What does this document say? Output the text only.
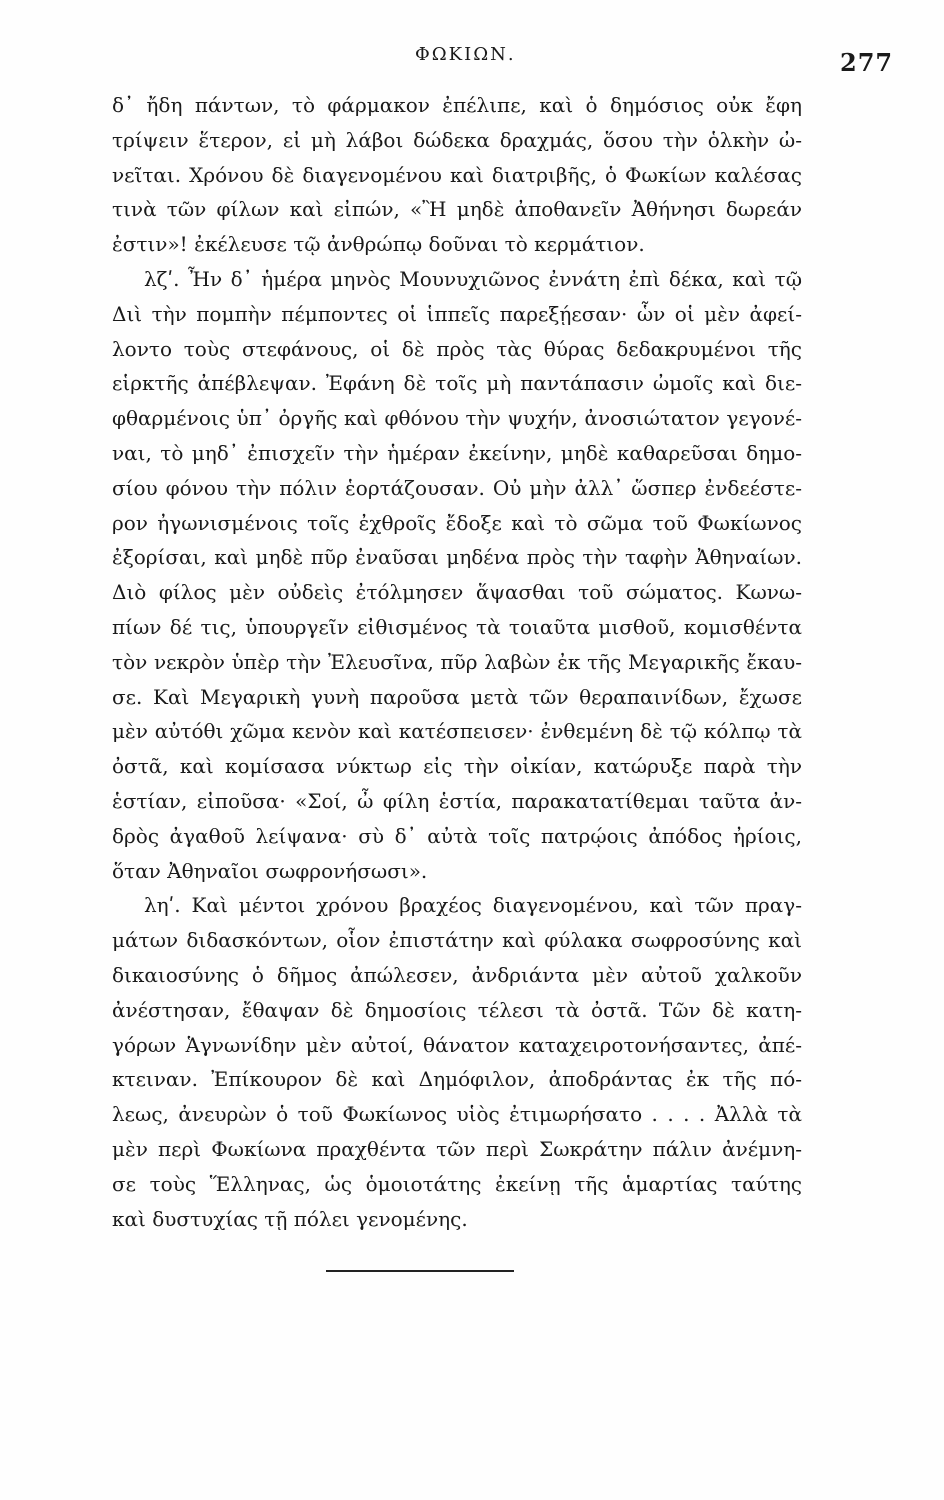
ΦΩΚΙΩΝ.	277
δ᾽ ἤδη πάντων, τὸ φάρμακον ἐπέλιπε, καὶ ὁ δημόσιος οὐκ ἔφη
τρίψειν ἕτερον, εἰ μὴ λάβοι δώδεκα δραχμάς, ὅσου τὴν ὁλκὴν ὠ-
νεῖται. Χρόνου δὲ διαγενομένου καὶ διατριβῆς, ὁ Φωκίων καλέσας
τινὰ τῶν φίλων καὶ εἰπών, «Ἢ μηδὲ ἀποθανεῖν Ἀθήνησι δωρεάν
ἐστιν»! ἐκέλευσε τῷ ἀνθρώπῳ δοῦναι τὸ κερμάτιον.
λζʹ. Ἦν δ᾽ ἡμέρα μηνὸς Μουνυχιῶνος ἐννάτη ἐπὶ δέκα, καὶ τῷ
Διὶ τὴν πομπὴν πέμποντες οἱ ἱππεῖς παρεξῄεσαν· ὧν οἱ μὲν ἀφεί-
λοντο τοὺς στεφάνους, οἱ δὲ πρὸς τὰς θύρας δεδακρυμένοι τῆς
εἱρκτῆς ἀπέβλεψαν. Ἐφάνη δὲ τοῖς μὴ παντάπασιν ὠμοῖς καὶ διε-
φθαρμένοις ὑπ᾽ ὀργῆς καὶ φθόνου τὴν ψυχήν, ἀνοσιώτατον γεγονέ-
ναι, τὸ μηδ᾽ ἐπισχεῖν τὴν ἡμέραν ἐκείνην, μηδὲ καθαρεῦσαι δημο-
σίου φόνου τὴν πόλιν ἑορτάζουσαν. Οὐ μὴν ἀλλ᾽ ὥσπερ ἐνδεέστε-
ρον ἠγωνισμένοις τοῖς ἐχθροῖς ἔδοξε καὶ τὸ σῶμα τοῦ Φωκίωνος
ἐξορίσαι, καὶ μηδὲ πῦρ ἐναῦσαι μηδένα πρὸς τὴν ταφὴν Ἀθηναίων.
Διὸ φίλος μὲν οὐδεὶς ἐτόλμησεν ἅψασθαι τοῦ σώματος. Κωνω-
πίων δέ τις, ὑπουργεῖν εἰθισμένος τὰ τοιαῦτα μισθοῦ, κομισθέντα
τὸν νεκρὸν ὑπὲρ τὴν Ἐλευσῖνα, πῦρ λαβὼν ἐκ τῆς Μεγαρικῆς ἔκαυ-
σε. Καὶ Μεγαρικὴ γυνὴ παροῦσα μετὰ τῶν θεραπαινίδων, ἔχωσε
μὲν αὐτόθι χῶμα κενὸν καὶ κατέσπεισεν· ἐνθεμένη δὲ τῷ κόλπῳ τὰ
ὀστᾶ, καὶ κομίσασα νύκτωρ εἰς τὴν οἰκίαν, κατώρυξε παρὰ τὴν
ἑστίαν, εἰποῦσα· «Σοί, ὦ φίλη ἑστία, παρακατατίθεμαι ταῦτα ἀν-
δρὸς ἀγαθοῦ λείψανα· σὺ δ᾽ αὐτὰ τοῖς πατρῴοις ἀπόδος ἠρίοις,
ὅταν Ἀθηναῖοι σωφρονήσωσι».
ληʹ. Καὶ μέντοι χρόνου βραχέος διαγενομένου, καὶ τῶν πραγ-
μάτων διδασκόντων, οἷον ἐπιστάτην καὶ φύλακα σωφροσύνης καὶ
δικαιοσύνης ὁ δῆμος ἀπώλεσεν, ἀνδριάντα μὲν αὐτοῦ χαλκοῦν
ἀνέστησαν, ἔθαψαν δὲ δημοσίοις τέλεσι τὰ ὀστᾶ. Τῶν δὲ κατη-
γόρων Ἁγνωνίδην μὲν αὐτοί, θάνατον καταχειροτονήσαντες, ἀπέ-
κτειναν. Ἐπίκουρον δὲ καὶ Δημόφιλον, ἀποδράντας ἐκ τῆς πό-
λεως, ἀνευρὼν ὁ τοῦ Φωκίωνος υἱὸς ἐτιμωρήσατο . . . . Ἀλλὰ τὰ
μὲν περὶ Φωκίωνα πραχθέντα τῶν περὶ Σωκράτην πάλιν ἀνέμνη-
σε τοὺς Ἕλληνας, ὡς ὁμοιοτάτης ἐκείνῃ τῆς ἁμαρτίας ταύτης
καὶ δυστυχίας τῇ πόλει γενομένης.
